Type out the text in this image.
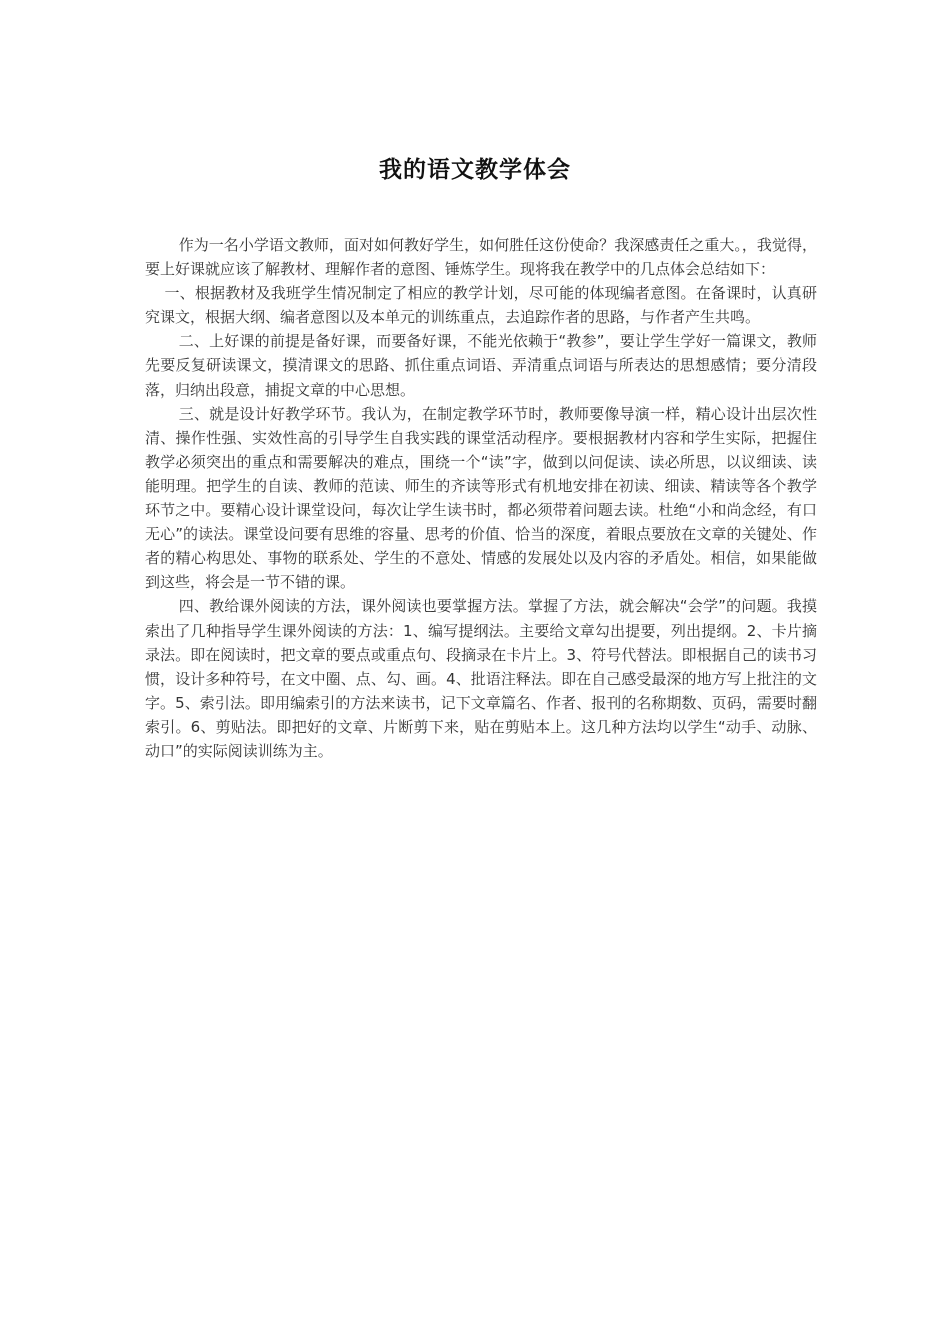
我的语文教学体会

作为一名小学语文教师，面对如何教好学生，如何胜任这份使命？我深感责任之重大。，我觉得，要上好课就应该了解教材、理解作者的意图、锤炼学生。现将我在教学中的几点体会总结如下：

一、根据教材及我班学生情况制定了相应的教学计划，尽可能的体现编者意图。在备课时，认真研究课文，根据大纲、编者意图以及本单元的训练重点，去追踪作者的思路，与作者产生共鸣。

二、上好课的前提是备好课，而要备好课，不能光依赖于“教参”，要让学生学好一篇课文，教师先要反复研读课文，摸清课文的思路、抓住重点词语、弄清重点词语与所表达的思想感情；要分清段落，归纳出段意，捕捉文章的中心思想。

三、就是设计好教学环节。我认为，在制定教学环节时，教师要像导演一样，精心设计出层次性清、操作性强、实效性高的引导学生自我实践的课堂活动程序。要根据教材内容和学生实际，把握住教学必须突出的重点和需要解决的难点，围绕一个“读”字，做到以问促读、读必所思，以议细读、读能明理。把学生的自读、教师的范读、师生的齐读等形式有机地安排在初读、细读、精读等各个教学环节之中。要精心设计课堂设问，每次让学生读书时，都必须带着问题去读。杜绝“小和尚念经，有口无心”的读法。课堂设问要有思维的容量、思考的价值、恰当的深度，着眼点要放在文章的关键处、作者的精心构思处、事物的联系处、学生的不意处、情感的发展处以及内容的矛盾处。相信，如果能做到这些，将会是一节不错的课。

四、教给课外阅读的方法，课外阅读也要掌握方法。掌握了方法，就会解决“会学”的问题。我摸索出了几种指导学生课外阅读的方法：1、编写提纲法。主要给文章勾出提要，列出提纲。2、卡片摘录法。即在阅读时，把文章的要点或重点句、段摘录在卡片上。3、符号代替法。即根据自己的读书习惯，设计多种符号，在文中圈、点、勾、画。4、批语注释法。即在自己感受最深的地方写上批注的文字。5、索引法。即用编索引的方法来读书，记下文章篇名、作者、报刊的名称期数、页码，需要时翻索引。6、剪贴法。即把好的文章、片断剪下来，贴在剪贴本上。这几种方法均以学生“动手、动脉、动口”的实际阅读训练为主。
